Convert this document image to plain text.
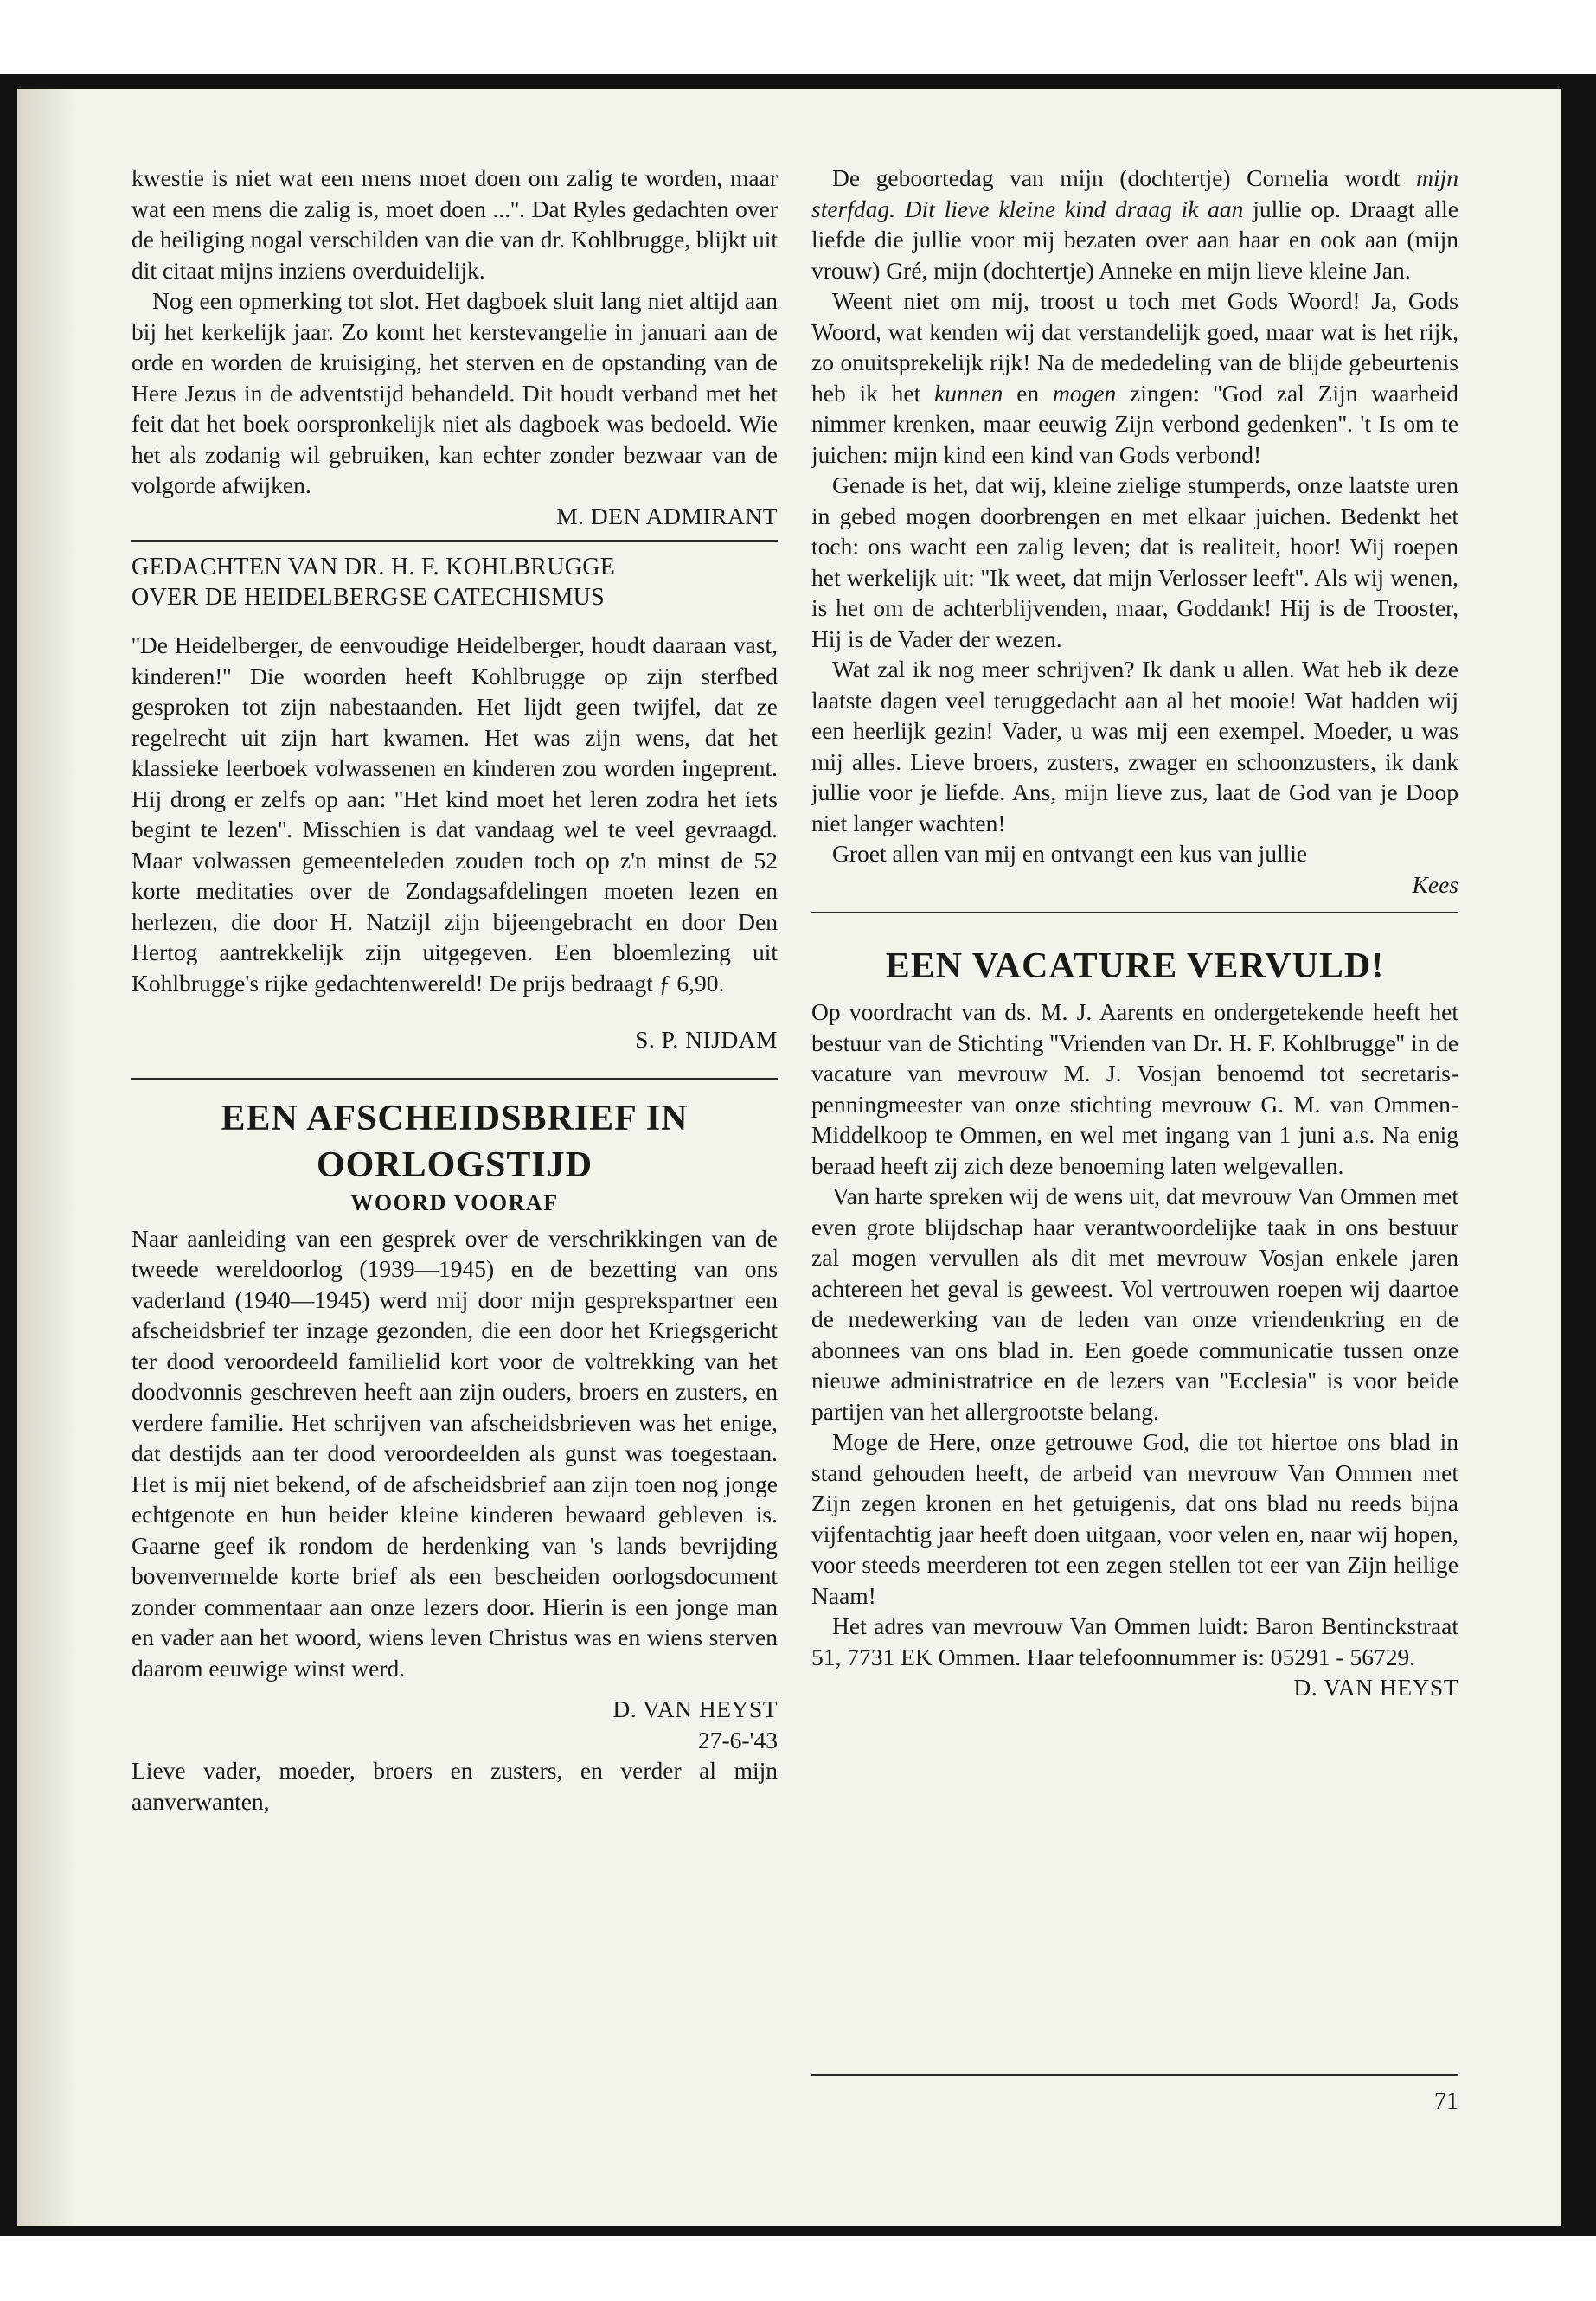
kwestie is niet wat een mens moet doen om zalig te worden, maar wat een mens die zalig is, moet doen ...''. Dat Ryles gedachten over de heiliging nogal verschilden van die van dr. Kohlbrugge, blijkt uit dit citaat mijns inziens overduidelijk.

Nog een opmerking tot slot. Het dagboek sluit lang niet altijd aan bij het kerkelijk jaar. Zo komt het kerstevangelie in januari aan de orde en worden de kruisiging, het sterven en de opstanding van de Here Jezus in de adventstijd behandeld. Dit houdt verband met het feit dat het boek oorspronkelijk niet als dagboek was bedoeld. Wie het als zodanig wil gebruiken, kan echter zonder bezwaar van de volgorde afwijken.

M. DEN ADMIRANT

GEDACHTEN VAN DR. H. F. KOHLBRUGGE

OVER DE HEIDELBERGSE CATECHISMUS

''De Heidelberger, de eenvoudige Heidelberger, houdt daaraan vast, kinderen!'' Die woorden heeft Kohlbrugge op zijn sterfbed gesproken tot zijn nabestaanden. Het lijdt geen twijfel, dat ze regelrecht uit zijn hart kwamen. Het was zijn wens, dat het klassieke leerboek volwassenen en kinderen zou worden ingeprent. Hij drong er zelfs op aan: ''Het kind moet het leren zodra het iets begint te lezen''. Misschien is dat vandaag wel te veel gevraagd. Maar volwassen gemeenteleden zouden toch op z'n minst de 52 korte meditaties over de Zondagsafdelingen moeten lezen en herlezen, die door H. Natzijl zijn bijeengebracht en door Den Hertog aantrekkelijk zijn uitgegeven. Een bloemlezing uit Kohlbrugge's rijke gedachtenwereld! De prijs bedraagt ƒ 6,90.

S. P. NIJDAM

EEN AFSCHEIDSBRIEF IN

OORLOGSTIJD

WOORD VOORAF

Naar aanleiding van een gesprek over de verschrikkingen van de tweede wereldoorlog (1939—1945) en de bezetting van ons vaderland (1940—1945) werd mij door mijn gesprekspartner een afscheidsbrief ter inzage gezonden, die een door het Kriegsgericht ter dood veroordeeld familielid kort voor de voltrekking van het doodvonnis geschreven heeft aan zijn ouders, broers en zusters, en verdere familie. Het schrijven van afscheidsbrieven was het enige, dat destijds aan ter dood veroordeelden als gunst was toegestaan. Het is mij niet bekend, of de afscheidsbrief aan zijn toen nog jonge echtgenote en hun beider kleine kinderen bewaard gebleven is. Gaarne geef ik rondom de herdenking van 's lands bevrijding bovenvermelde korte brief als een bescheiden oorlogsdocument zonder commentaar aan onze lezers door. Hierin is een jonge man en vader aan het woord, wiens leven Christus was en wiens sterven daarom eeuwige winst werd.

D. VAN HEYST

27-6-'43

Lieve vader, moeder, broers en zusters, en verder al mijn aanverwanten,

De geboortedag van mijn (dochtertje) Cornelia wordt mijn sterfdag. Dit lieve kleine kind draag ik aan jullie op. Draagt alle liefde die jullie voor mij bezaten over aan haar en ook aan (mijn vrouw) Gré, mijn (dochtertje) Anneke en mijn lieve kleine Jan.

Weent niet om mij, troost u toch met Gods Woord! Ja, Gods Woord, wat kenden wij dat verstandelijk goed, maar wat is het rijk, zo onuitsprekelijk rijk! Na de mededeling van de blijde gebeurtenis heb ik het kunnen en mogen zingen: ''God zal Zijn waarheid nimmer krenken, maar eeuwig Zijn verbond gedenken''. 't Is om te juichen: mijn kind een kind van Gods verbond!

Genade is het, dat wij, kleine zielige stumperds, onze laatste uren in gebed mogen doorbrengen en met elkaar juichen. Bedenkt het toch: ons wacht een zalig leven; dat is realiteit, hoor! Wij roepen het werkelijk uit: ''Ik weet, dat mijn Verlosser leeft''. Als wij wenen, is het om de achterblijvenden, maar, Goddank! Hij is de Trooster, Hij is de Vader der wezen.

Wat zal ik nog meer schrijven? Ik dank u allen. Wat heb ik deze laatste dagen veel teruggedacht aan al het mooie! Wat hadden wij een heerlijk gezin! Vader, u was mij een exempel. Moeder, u was mij alles. Lieve broers, zusters, zwager en schoonzusters, ik dank jullie voor je liefde. Ans, mijn lieve zus, laat de God van je Doop niet langer wachten!

Groet allen van mij en ontvangt een kus van jullie

Kees

EEN VACATURE VERVULD!

Op voordracht van ds. M. J. Aarents en ondergetekende heeft het bestuur van de Stichting ''Vrienden van Dr. H. F. Kohlbrugge'' in de vacature van mevrouw M. J. Vosjan benoemd tot secretaris-penningmeester van onze stichting mevrouw G. M. van Ommen-Middelkoop te Ommen, en wel met ingang van 1 juni a.s. Na enig beraad heeft zij zich deze benoeming laten welgevallen.

Van harte spreken wij de wens uit, dat mevrouw Van Ommen met even grote blijdschap haar verantwoordelijke taak in ons bestuur zal mogen vervullen als dit met mevrouw Vosjan enkele jaren achtereen het geval is geweest. Vol vertrouwen roepen wij daartoe de medewerking van de leden van onze vriendenkring en de abonnees van ons blad in. Een goede communicatie tussen onze nieuwe administratrice en de lezers van ''Ecclesia'' is voor beide partijen van het allergrootste belang.

Moge de Here, onze getrouwe God, die tot hiertoe ons blad in stand gehouden heeft, de arbeid van mevrouw Van Ommen met Zijn zegen kronen en het getuigenis, dat ons blad nu reeds bijna vijfentachtig jaar heeft doen uitgaan, voor velen en, naar wij hopen, voor steeds meerderen tot een zegen stellen tot eer van Zijn heilige Naam!

Het adres van mevrouw Van Ommen luidt: Baron Bentinckstraat 51, 7731 EK Ommen. Haar telefoonnummer is: 05291 - 56729.

D. VAN HEYST

71
